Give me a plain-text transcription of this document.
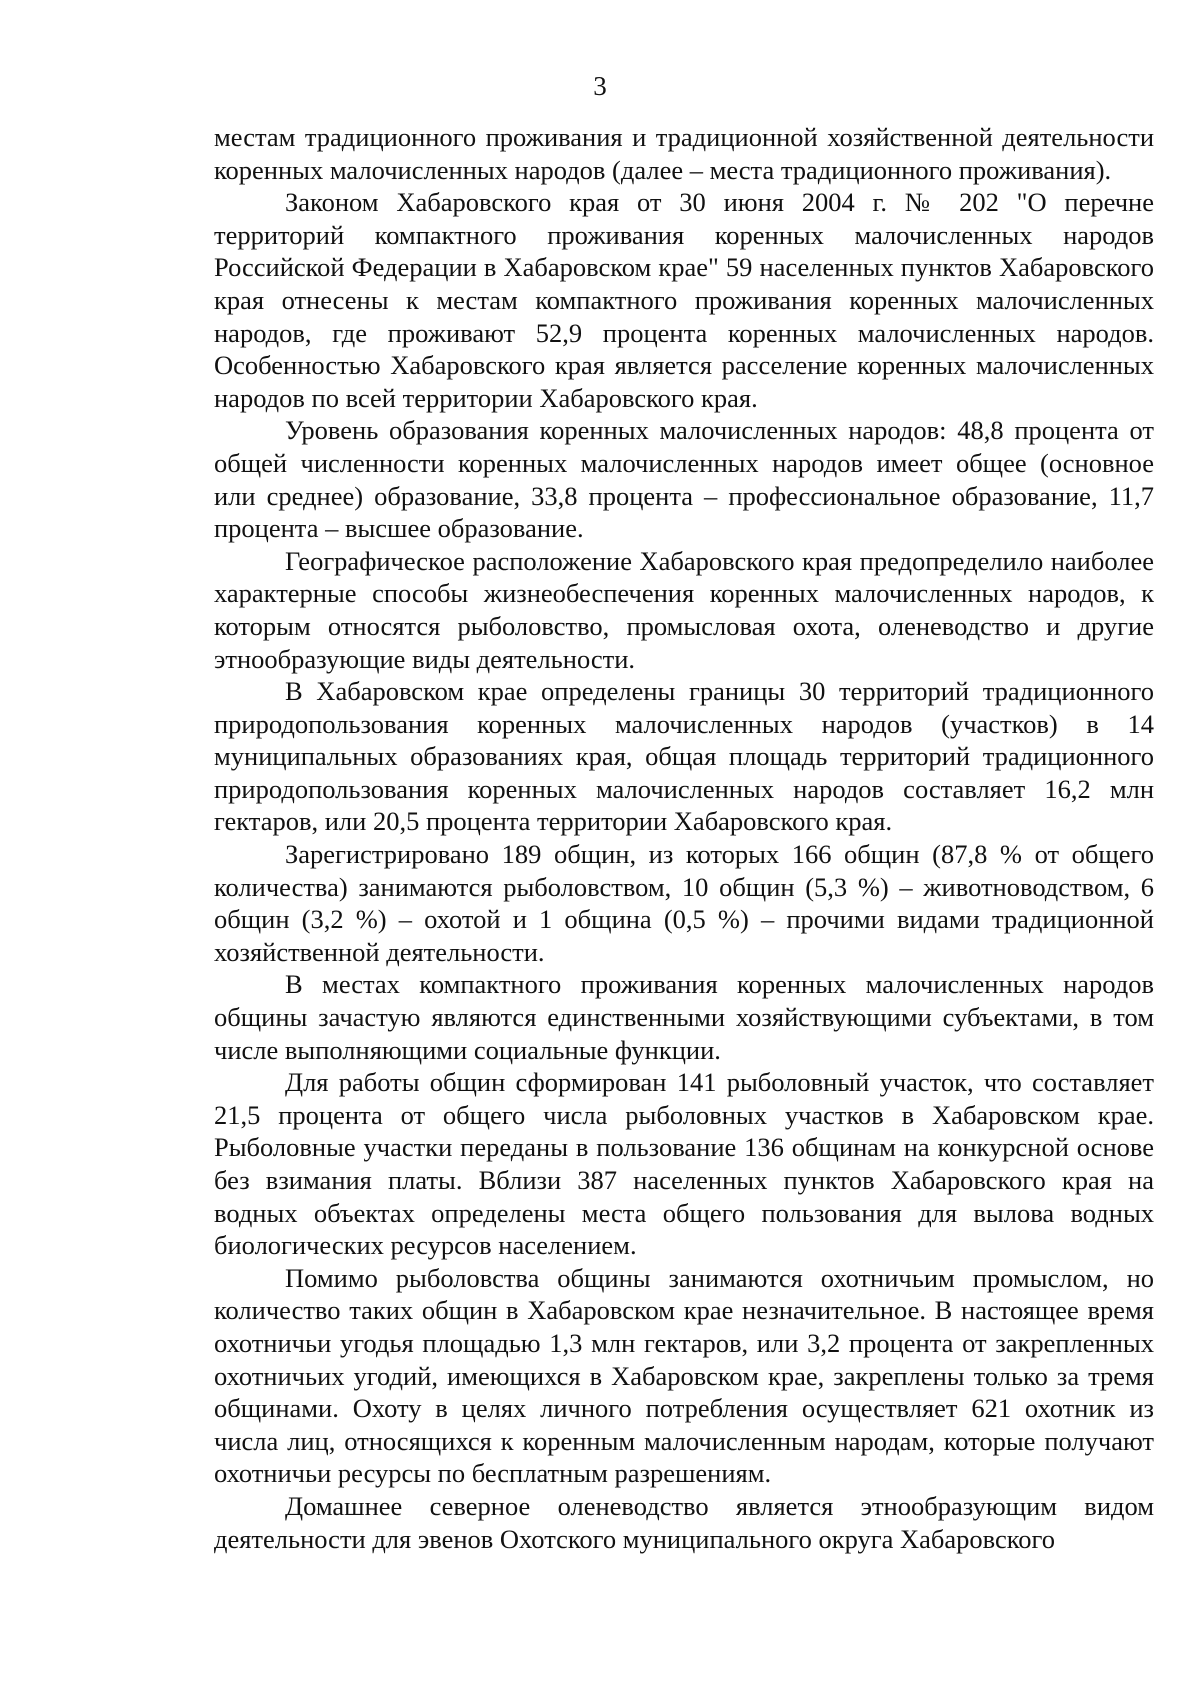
3

местам традиционного проживания и традиционной хозяйственной деятельности коренных малочисленных народов (далее – места традиционного проживания).

Законом Хабаровского края от 30 июня 2004 г. № 202 "О перечне территорий компактного проживания коренных малочисленных народов Российской Федерации в Хабаровском крае" 59 населенных пунктов Хабаровского края отнесены к местам компактного проживания коренных малочисленных народов, где проживают 52,9 процента коренных малочисленных народов. Особенностью Хабаровского края является расселение коренных малочисленных народов по всей территории Хабаровского края.

Уровень образования коренных малочисленных народов: 48,8 процента от общей численности коренных малочисленных народов имеет общее (основное или среднее) образование, 33,8 процента – профессиональное образование, 11,7 процента – высшее образование.

Географическое расположение Хабаровского края предопределило наиболее характерные способы жизнеобеспечения коренных малочисленных народов, к которым относятся рыболовство, промысловая охота, оленеводство и другие этнообразующие виды деятельности.

В Хабаровском крае определены границы 30 территорий традиционного природопользования коренных малочисленных народов (участков) в 14 муниципальных образованиях края, общая площадь территорий традиционного природопользования коренных малочисленных народов составляет 16,2 млн гектаров, или 20,5 процента территории Хабаровского края.

Зарегистрировано 189 общин, из которых 166 общин (87,8 % от общего количества) занимаются рыболовством, 10 общин (5,3 %) – животноводством, 6 общин (3,2 %) – охотой и 1 община (0,5 %) – прочими видами традиционной хозяйственной деятельности.

В местах компактного проживания коренных малочисленных народов общины зачастую являются единственными хозяйствующими субъектами, в том числе выполняющими социальные функции.

Для работы общин сформирован 141 рыболовный участок, что составляет 21,5 процента от общего числа рыболовных участков в Хабаровском крае. Рыболовные участки переданы в пользование 136 общинам на конкурсной основе без взимания платы. Вблизи 387 населенных пунктов Хабаровского края на водных объектах определены места общего пользования для вылова водных биологических ресурсов населением.

Помимо рыболовства общины занимаются охотничьим промыслом, но количество таких общин в Хабаровском крае незначительное. В настоящее время охотничьи угодья площадью 1,3 млн гектаров, или 3,2 процента от закрепленных охотничьих угодий, имеющихся в Хабаровском крае, закреплены только за тремя общинами. Охоту в целях личного потребления осуществляет 621 охотник из числа лиц, относящихся к коренным малочисленным народам, которые получают охотничьи ресурсы по бесплатным разрешениям.

Домашнее северное оленеводство является этнообразующим видом деятельности для эвенов Охотского муниципального округа Хабаровского
